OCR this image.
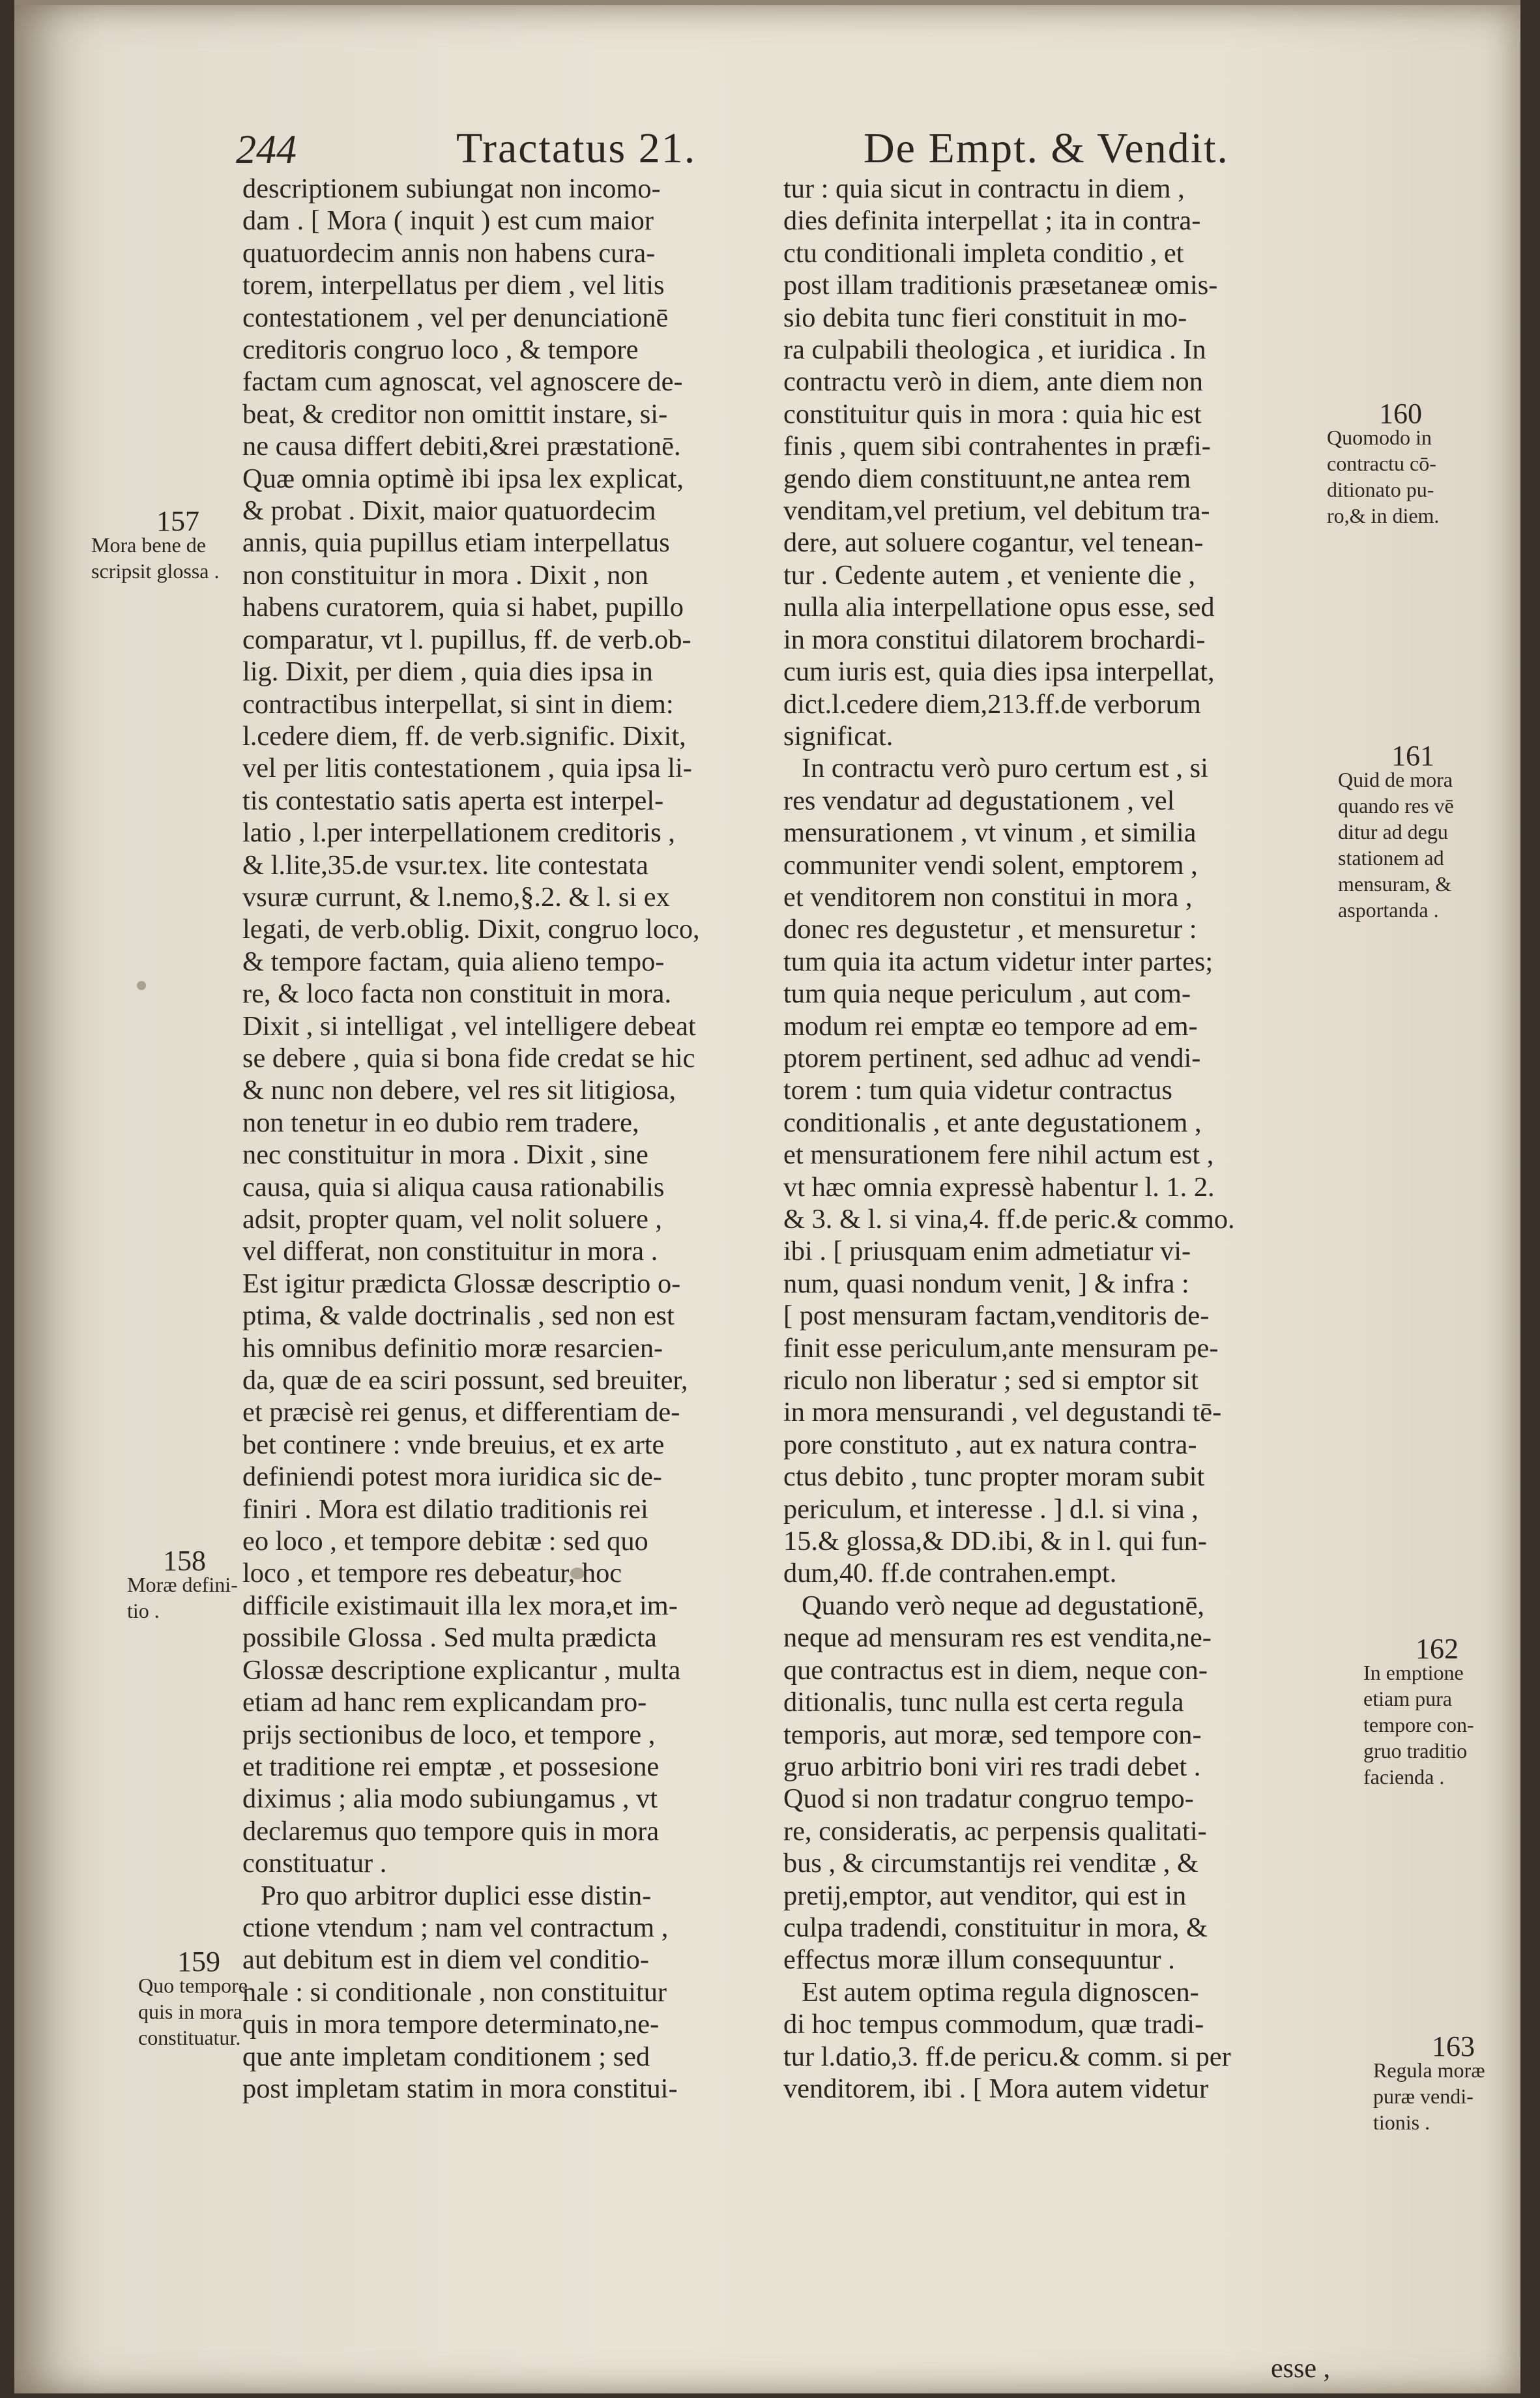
244	Tractatus 21.	De Empt. & Vendit.

descriptionem subiungat non incomo-

dam . [ Mora ( inquit ) est cum maior

quatuordecim annis non habens cura-

torem, interpellatus per diem , vel litis

contestationem , vel per denunciationē

creditoris congruo loco , & tempore

factam cum agnoscat, vel agnoscere de-

beat, & creditor non omittit instare, si-

ne causa differt debiti,&rei præstationē.

Quæ omnia optimè ibi ipsa lex explicat,

& probat . Dixit, maior quatuordecim

annis, quia pupillus etiam interpellatus

non constituitur in mora . Dixit , non

habens curatorem, quia si habet, pupillo

comparatur, vt l. pupillus, ff. de verb.ob-

lig. Dixit, per diem , quia dies ipsa in

contractibus interpellat, si sint in diem:

l.cedere diem, ff. de verb.signific. Dixit,

vel per litis contestationem , quia ipsa li-

tis contestatio satis aperta est interpel-

latio , l.per interpellationem creditoris ,

& l.lite,35.de vsur.tex. lite contestata

vsuræ currunt, & l.nemo,§.2. & l. si ex

legati, de verb.oblig. Dixit, congruo loco,

& tempore factam, quia alieno tempo-

re, & loco facta non constituit in mora.

Dixit , si intelligat , vel intelligere debeat

se debere , quia si bona fide credat se hic

& nunc non debere, vel res sit litigiosa,

non tenetur in eo dubio rem tradere,

nec constituitur in mora . Dixit , sine

causa, quia si aliqua causa rationabilis

adsit, propter quam, vel nolit soluere ,

vel differat, non constituitur in mora .

Est igitur prædicta Glossæ descriptio o-

ptima, & valde doctrinalis , sed non est

his omnibus definitio moræ resarcien-

da, quæ de ea sciri possunt, sed breuiter,

et præcisè rei genus, et differentiam de-

bet continere : vnde breuius, et ex arte

definiendi potest mora iuridica sic de-

finiri . Mora est dilatio traditionis rei

eo loco , et tempore debitæ : sed quo

loco , et tempore res debeatur, hoc

difficile existimauit illa lex mora,et im-

possibile Glossa . Sed multa prædicta

Glossæ descriptione explicantur , multa

etiam ad hanc rem explicandam pro-

prijs sectionibus de loco, et tempore ,

et traditione rei emptæ , et possesione

diximus ; alia modo subiungamus , vt

declaremus quo tempore quis in mora

constituatur .

Pro quo arbitror duplici esse distin-

ctione vtendum ; nam vel contractum ,

aut debitum est in diem vel conditio-

nale : si conditionale , non constituitur

quis in mora tempore determinato,ne-

que ante impletam conditionem ; sed

post impletam statim in mora constitui-

tur : quia sicut in contractu in diem ,

dies definita interpellat ; ita in contra-

ctu conditionali impleta conditio , et

post illam traditionis præsetaneæ omis-

sio debita tunc fieri constituit in mo-

ra culpabili theologica , et iuridica . In

contractu verò in diem, ante diem non

constituitur quis in mora : quia hic est

finis , quem sibi contrahentes in præfi-

gendo diem constituunt,ne antea rem

venditam,vel pretium, vel debitum tra-

dere, aut soluere cogantur, vel tenean-

tur . Cedente autem , et veniente die ,

nulla alia interpellatione opus esse, sed

in mora constitui dilatorem brochardi-

cum iuris est, quia dies ipsa interpellat,

dict.l.cedere diem,213.ff.de verborum

significat.

In contractu verò puro certum est , si

res vendatur ad degustationem , vel

mensurationem , vt vinum , et similia

communiter vendi solent, emptorem ,

et venditorem non constitui in mora ,

donec res degustetur , et mensuretur :

tum quia ita actum videtur inter partes;

tum quia neque periculum , aut com-

modum rei emptæ eo tempore ad em-

ptorem pertinent, sed adhuc ad vendi-

torem : tum quia videtur contractus

conditionalis , et ante degustationem ,

et mensurationem fere nihil actum est ,

vt hæc omnia expressè habentur l. 1. 2.

& 3. & l. si vina,4. ff.de peric.& commo.

ibi . [ priusquam enim admetiatur vi-

num, quasi nondum venit, ] & infra :

[ post mensuram factam,venditoris de-

finit esse periculum,ante mensuram pe-

riculo non liberatur ; sed si emptor sit

in mora mensurandi , vel degustandi tē-

pore constituto , aut ex natura contra-

ctus debito , tunc propter moram subit

periculum, et interesse . ] d.l. si vina ,

15.& glossa,& DD.ibi, & in l. qui fun-

dum,40. ff.de contrahen.empt.

Quando verò neque ad degustationē,

neque ad mensuram res est vendita,ne-

que contractus est in diem, neque con-

ditionalis, tunc nulla est certa regula

temporis, aut moræ, sed tempore con-

gruo arbitrio boni viri res tradi debet .

Quod si non tradatur congruo tempo-

re, consideratis, ac perpensis qualitati-

bus , & circumstantijs rei venditæ , &

pretij,emptor, aut venditor, qui est in

culpa tradendi, constituitur in mora, &

effectus moræ illum consequuntur .

Est autem optima regula dignoscen-

di hoc tempus commodum, quæ tradi-

tur l.datio,3. ff.de pericu.& comm. si per

venditorem, ibi . [ Mora autem videtur

157

Mora bene de

scripsit glossa .

158

Moræ defini-

tio .

159

Quo tempore

quis in mora

constituatur.

160

Quomodo in

contractu cō-

ditionato pu-

ro,& in diem.

161

Quid de mora

quando res vē

ditur ad degu

stationem ad

mensuram, &

asportanda .

162

In emptione

etiam pura

tempore con-

gruo traditio

facienda .

163

Regula moræ

puræ vendi-

tionis .

esse ,
